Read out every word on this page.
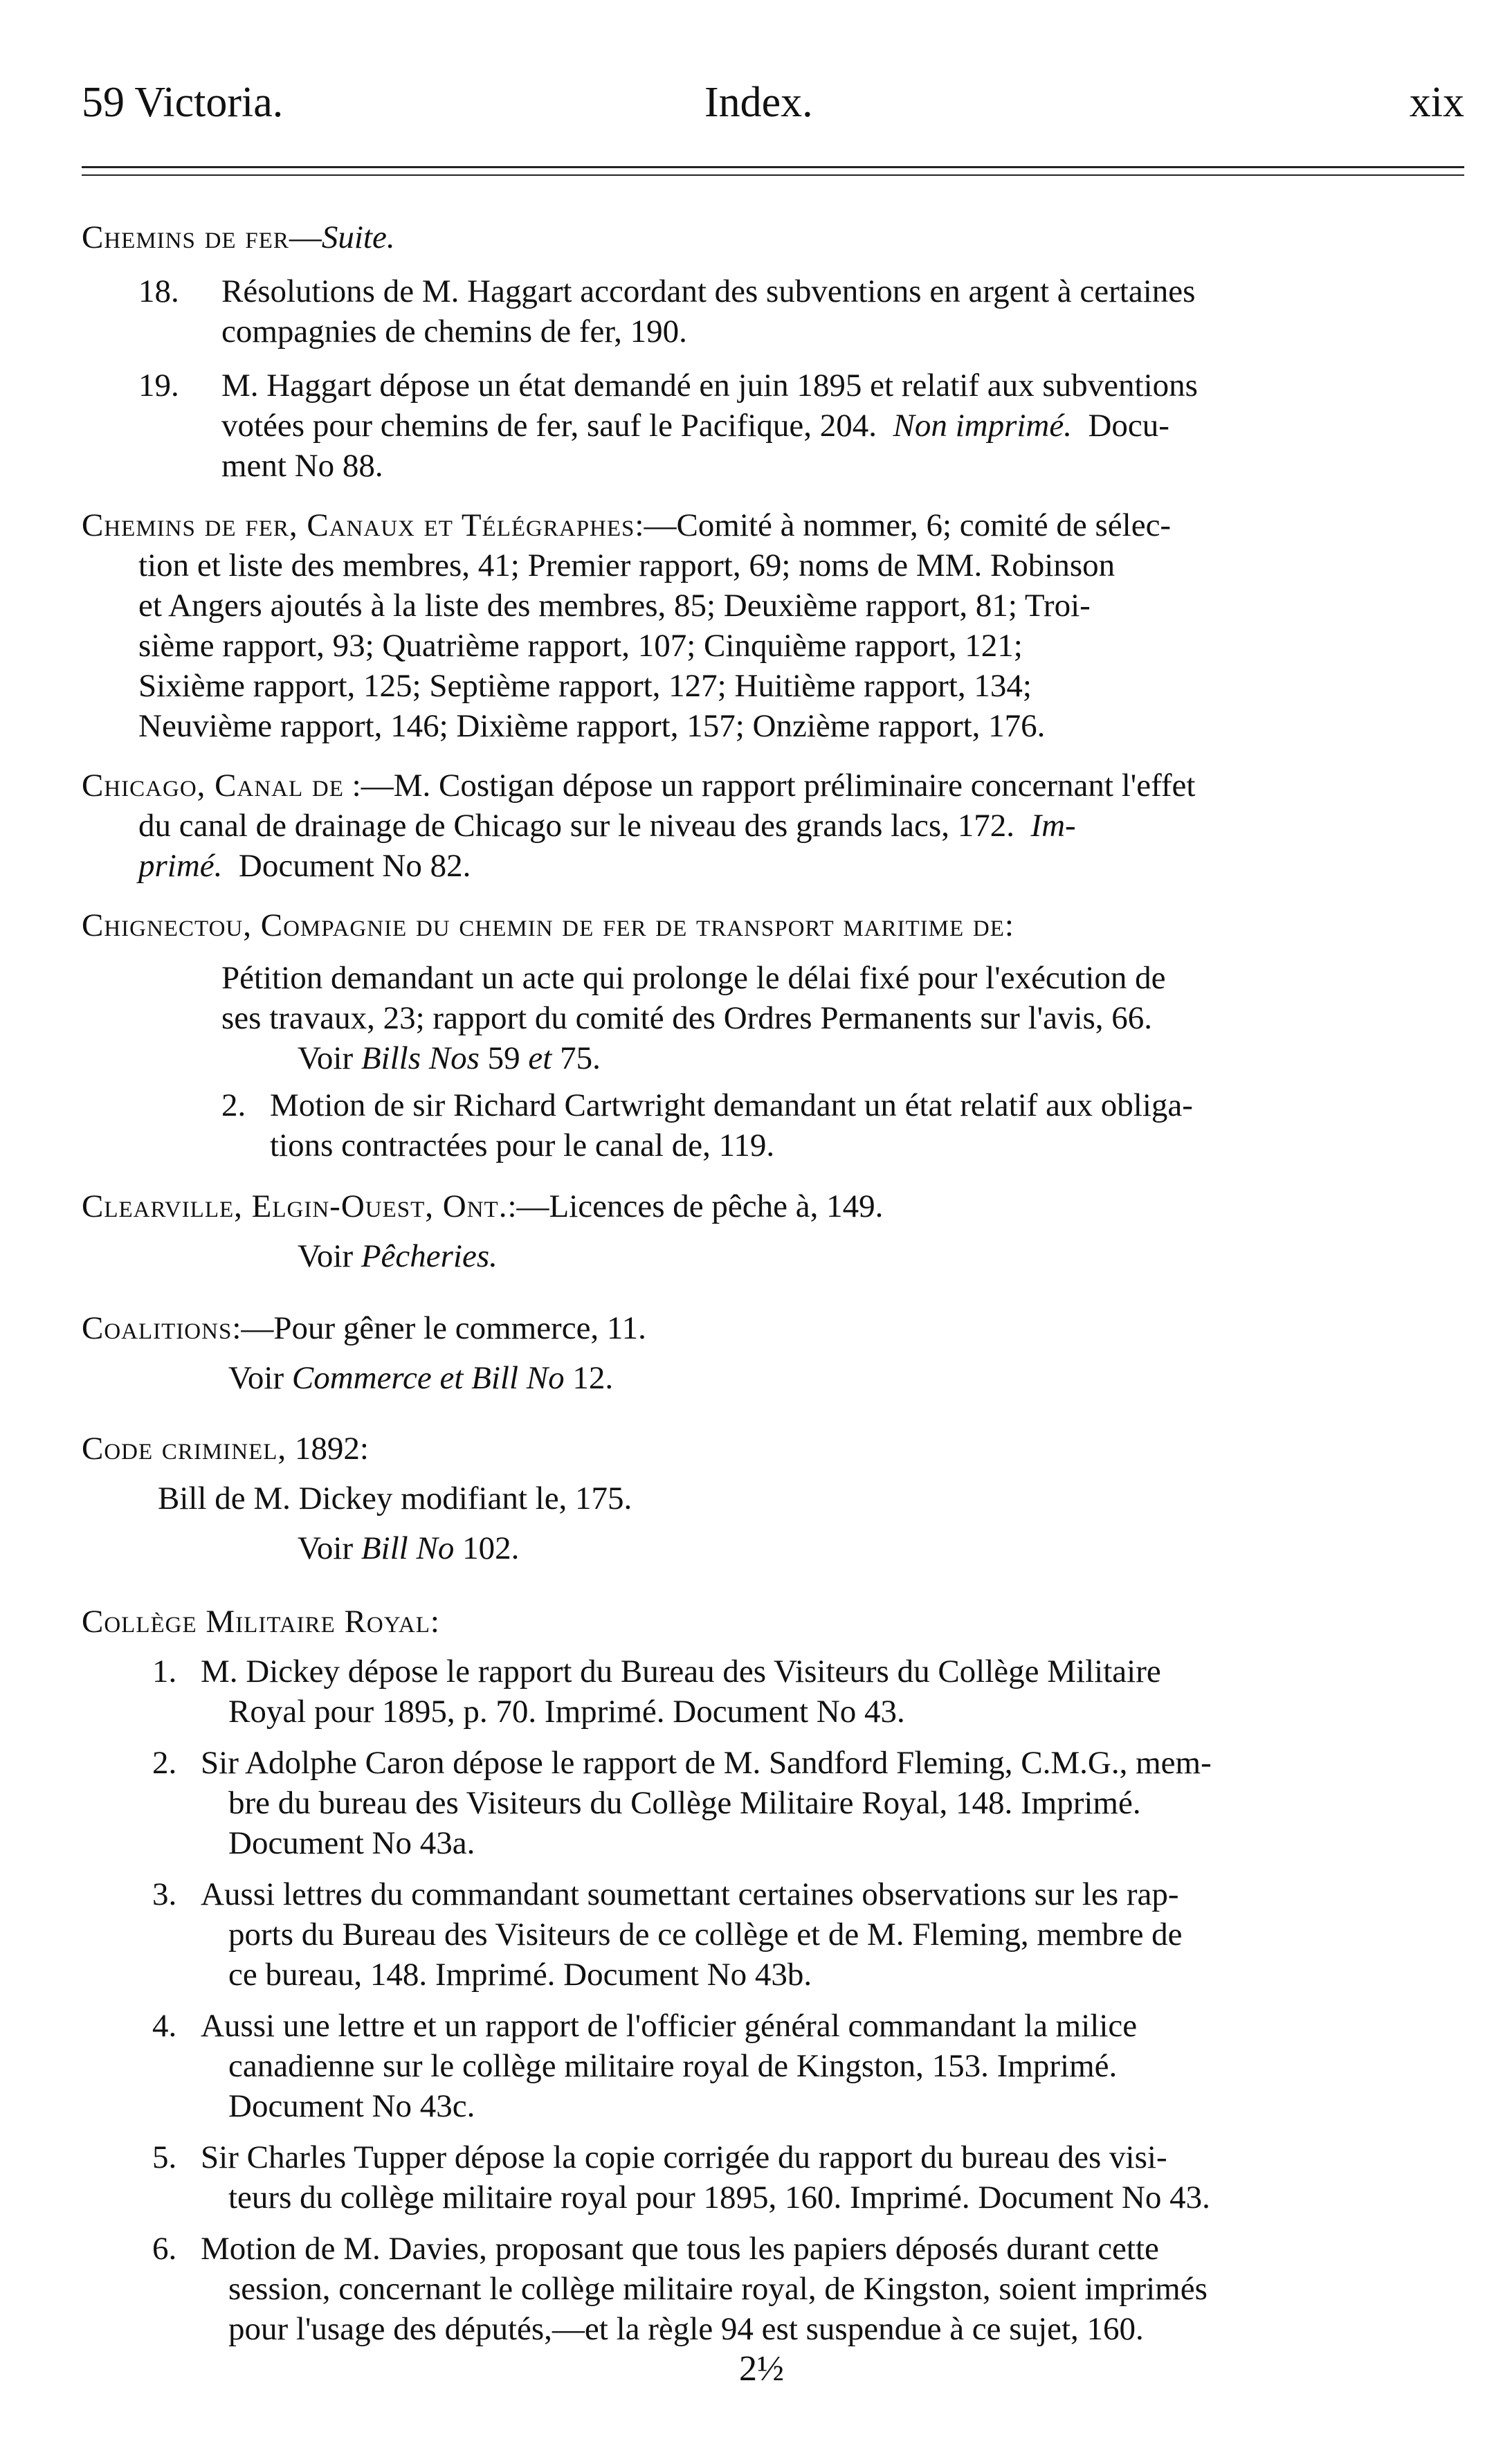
59 Victoria.	Index.	xix
Chemins de fer—Suite.
18. Résolutions de M. Haggart accordant des subventions en argent à certaines
compagnies de chemins de fer, 190.
19. M. Haggart dépose un état demandé en juin 1895 et relatif aux subventions
votées pour chemins de fer, sauf le Pacifique, 204. Non imprimé. Docu-
ment No 88.
Chemins de fer, Canaux et Télégraphes:—Comité à nommer, 6; comité de sélec-
tion et liste des membres, 41; Premier rapport, 69; noms de MM. Robinson
et Angers ajoutés à la liste des membres, 85; Deuxième rapport, 81; Troi-
sième rapport, 93; Quatrième rapport, 107; Cinquième rapport, 121;
Sixième rapport, 125; Septième rapport, 127; Huitième rapport, 134;
Neuvième rapport, 146; Dixième rapport, 157; Onzième rapport, 176.
Chicago, Canal de :—M. Costigan dépose un rapport préliminaire concernant l'effet
du canal de drainage de Chicago sur le niveau des grands lacs, 172. Im-
primé. Document No 82.
Chignectou, Compagnie du chemin de fer de transport maritime de:
Pétition demandant un acte qui prolonge le délai fixé pour l'exécution de
ses travaux, 23; rapport du comité des Ordres Permanents sur l'avis, 66.
Voir Bills Nos 59 et 75.
2. Motion de sir Richard Cartwright demandant un état relatif aux obliga-
tions contractées pour le canal de, 119.
Clearville, Elgin-Ouest, Ont.:—Licences de pêche à, 149.
Voir Pêcheries.
Coalitions:—Pour gêner le commerce, 11.
Voir Commerce et Bill No 12.
Code criminel, 1892:
Bill de M. Dickey modifiant le, 175.
Voir Bill No 102.
Collège Militaire Royal:
1. M. Dickey dépose le rapport du Bureau des Visiteurs du Collège Militaire
Royal pour 1895, p. 70. Imprimé. Document No 43.
2. Sir Adolphe Caron dépose le rapport de M. Sandford Fleming, C.M.G., mem-
bre du bureau des Visiteurs du Collège Militaire Royal, 148. Imprimé.
Document No 43a.
3. Aussi lettres du commandant soumettant certaines observations sur les rap-
ports du Bureau des Visiteurs de ce collège et de M. Fleming, membre de
ce bureau, 148. Imprimé. Document No 43b.
4. Aussi une lettre et un rapport de l'officier général commandant la milice
canadienne sur le collège militaire royal de Kingston, 153. Imprimé.
Document No 43c.
5. Sir Charles Tupper dépose la copie corrigée du rapport du bureau des visi-
teurs du collège militaire royal pour 1895, 160. Imprimé. Document No 43.
6. Motion de M. Davies, proposant que tous les papiers déposés durant cette
session, concernant le collège militaire royal, de Kingston, soient imprimés
pour l'usage des députés,—et la règle 94 est suspendue à ce sujet, 160.
2½
